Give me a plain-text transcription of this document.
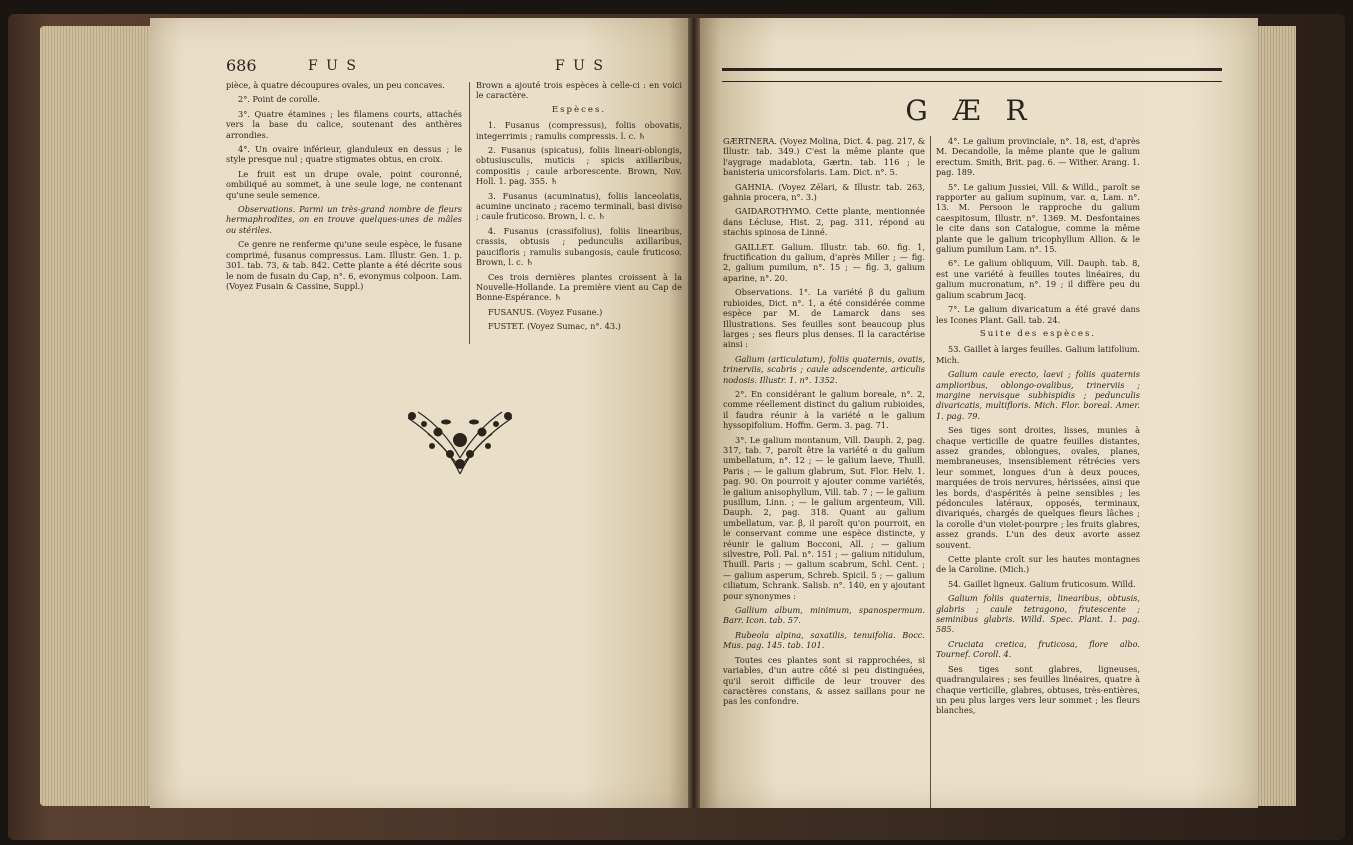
686	F U S	F U S

pièce, à quatre découpures ovales, un peu concaves.

2°. Point de corolle.

3°. Quatre étamines ; les filamens courts, attachés vers la base du calice, soutenant des anthères arrondies.

4°. Un ovaire inférieur, glanduleux en dessus ; le style presque nul ; quatre stigmates obtus, en croix.

Le fruit est un drupe ovale, point couronné, ombiliqué au sommet, à une seule loge, ne contenant qu'une seule semence.

Observations. Parmi un très-grand nombre de fleurs hermaphrodites, on en trouve quelques-unes de mâles ou stériles.

Ce genre ne renferme qu'une seule espèce, le fusane comprimé, fusanus compressus. Lam. Illustr. Gen. 1. p. 301. tab. 73, & tab. 842. Cette plante a été décrite sous le nom de fusain du Cap, n°. 6, evonymus colpoon. Lam. (Voyez Fusain & Cassine, Suppl.)

Brown a ajouté trois espèces à celle-ci : en voici le caractère.

Espèces.

1. Fusanus (compressus), foliis obovatis, integerrimis ; ramulis compressis. l. c. ♄

2. Fusanus (spicatus), foliis lineari-oblongis, obtusiusculis, muticis ; spicis axillaribus, compositis ; caule arborescente. Brown, Nov. Holl. 1. pag. 355. ♄

3. Fusanus (acuminatus), foliis lanceolatis, acumine uncinato ; racemo terminali, basi diviso ; caule fruticoso. Brown, l. c. ♄

4. Fusanus (crassifolius), foliis linearibus, crassis, obtusis ; pedunculis axillaribus, paucifloris ; ramulis subangosis, caule fruticoso. Brown, l. c. ♄

Ces trois dernières plantes croissent à la Nouvelle-Hollande. La première vient au Cap de Bonne-Espérance. ♄

FUSANUS. (Voyez Fusane.)

FUSTET. (Voyez Sumac, n°. 43.)

G Æ R

GÆRTNERA. (Voyez Molina, Dict. 4. pag. 217, & Illustr. tab. 349.) C'est la même plante que l'aygrage madablota, Gærtn. tab. 116 ; le banisteria unicorsfolaris. Lam. Dict. n°. 5.

GAHNIA. (Voyez Zélari, & Illustr. tab. 263, gahnia procera, n°. 3.)

GAIDAROTHYMO. Cette plante, mentionnée dans Lécluse, Hist. 2, pag. 311, répond au stachis spinosa de Linné.

GAILLET. Galium. Illustr. tab. 60. fig. 1, fructification du galium, d'après Miller ; — fig. 2, galium pumilum, n°. 15 ; — fig. 3, galium aparine, n°. 20.

Observations. 1°. La variété β du galium rubioides, Dict. n°. 1, a été considérée comme espèce par M. de Lamarck dans ses Illustrations. Ses feuilles sont beaucoup plus larges ; ses fleurs plus denses. Il la caractérise ainsi :

Galium (articulatum), foliis quaternis, ovatis, trinerviis, scabris ; caule adscendente, articulis nodosis. Illustr. 1. n°. 1352.

2°. En considérant le galium boreale, n°. 2, comme réellement distinct du galium rubioides, il faudra réunir à la variété α le galium hyssopifolium. Hoffm. Germ. 3. pag. 71.

3°. Le galium montanum, Vill. Dauph. 2, pag. 317, tab. 7, paroît être la variété α du galium umbellatum, n°. 12 ; — le galium laeve, Thuill. Paris ; — le galium glabrum, Sut. Flor. Helv. 1. pag. 90. On pourroit y ajouter comme variétés, le galium anisophyllum, Vill. tab. 7 ; — le galium pusillum, Linn. ; — le galium argenteum, Vill. Dauph. 2, pag. 318. Quant au galium umbellatum, var. β, il paroît qu'on pourroit, en le conservant comme une espèce distincte, y réunir le galium Bocconi, All. ; — galium silvestre, Poll. Pal. n°. 151 ; — galium nitidulum, Thuill. Paris ; — galium scabrum, Schl. Cent. ; — galium asperum, Schreb. Spicil. 5 ; — galium ciliatum, Schrank. Salisb. n°. 140, en y ajoutant pour synonymes :

Gallium album, minimum, spanospermum. Barr. Icon. tab. 57.

Rubeola alpina, saxatilis, tenuifolia. Bocc. Mus. pag. 145. tab. 101.

Toutes ces plantes sont si rapprochées, si variables, d'un autre côté si peu distinguées, qu'il seroit difficile de leur trouver des caractères constans, & assez saillans pour ne pas les confondre.

4°. Le galium provinciale, n°. 18, est, d'après M. Decandolle, la même plante que le galium erectum. Smith, Brit. pag. 6. — Wither. Arang. 1. pag. 189.

5°. Le galium Jussiei, Vill. & Willd., paroît se rapporter au galium supinum, var. α, Lam. n°. 13. M. Persoon le rapproche du galium caespitosum, Illustr. n°. 1369. M. Desfontaines le cite dans son Catalogue, comme la même plante que le galium tricophyllum Allion. & le galium pumilum Lam. n°. 15.

6°. Le galium obliquum, Vill. Dauph. tab. 8, est une variété à feuilles toutes linéaires, du galium mucronatum, n°. 19 ; il diffère peu du galium scabrum Jacq.

7°. Le galium divaricatum a été gravé dans les Icones Plant. Gall. tab. 24.

Suite des espèces.

53. Gaillet à larges feuilles. Galium latifolium. Mich.

Galium caule erecto, laevi ; foliis quaternis amplioribus, oblongo-ovalibus, trinerviis ; margine nervisque subhispidis ; pedunculis divaricatis, multifloris. Mich. Flor. boreal. Amer. 1. pag. 79.

Ses tiges sont droites, lisses, munies à chaque verticille de quatre feuilles distantes, assez grandes, oblongues, ovales, planes, membraneuses, insensiblement rétrécies vers leur sommet, longues d'un à deux pouces, marquées de trois nervures, hérissées, ainsi que les bords, d'aspérités à peine sensibles ; les pédoncules latéraux, opposés, terminaux, divariqués, chargés de quelques fleurs lâches ; la corolle d'un violet-pourpre ; les fruits glabres, assez grands. L'un des deux avorte assez souvent.

Cette plante croît sur les hautes montagnes de la Caroline. (Mich.)

54. Gaillet ligneux. Galium fruticosum. Willd.

Galium foliis quaternis, linearibus, obtusis, glabris ; caule tetragono, frutescente ; seminibus glabris. Willd. Spec. Plant. 1. pag. 585.

Cruciata cretica, fruticosa, flore albo. Tournef. Coroll. 4.

Ses tiges sont glabres, ligneuses, quadrangulaires ; ses feuilles linéaires, quatre à chaque verticille, glabres, obtuses, très-entières, un peu plus larges vers leur sommet ; les fleurs blanches,
